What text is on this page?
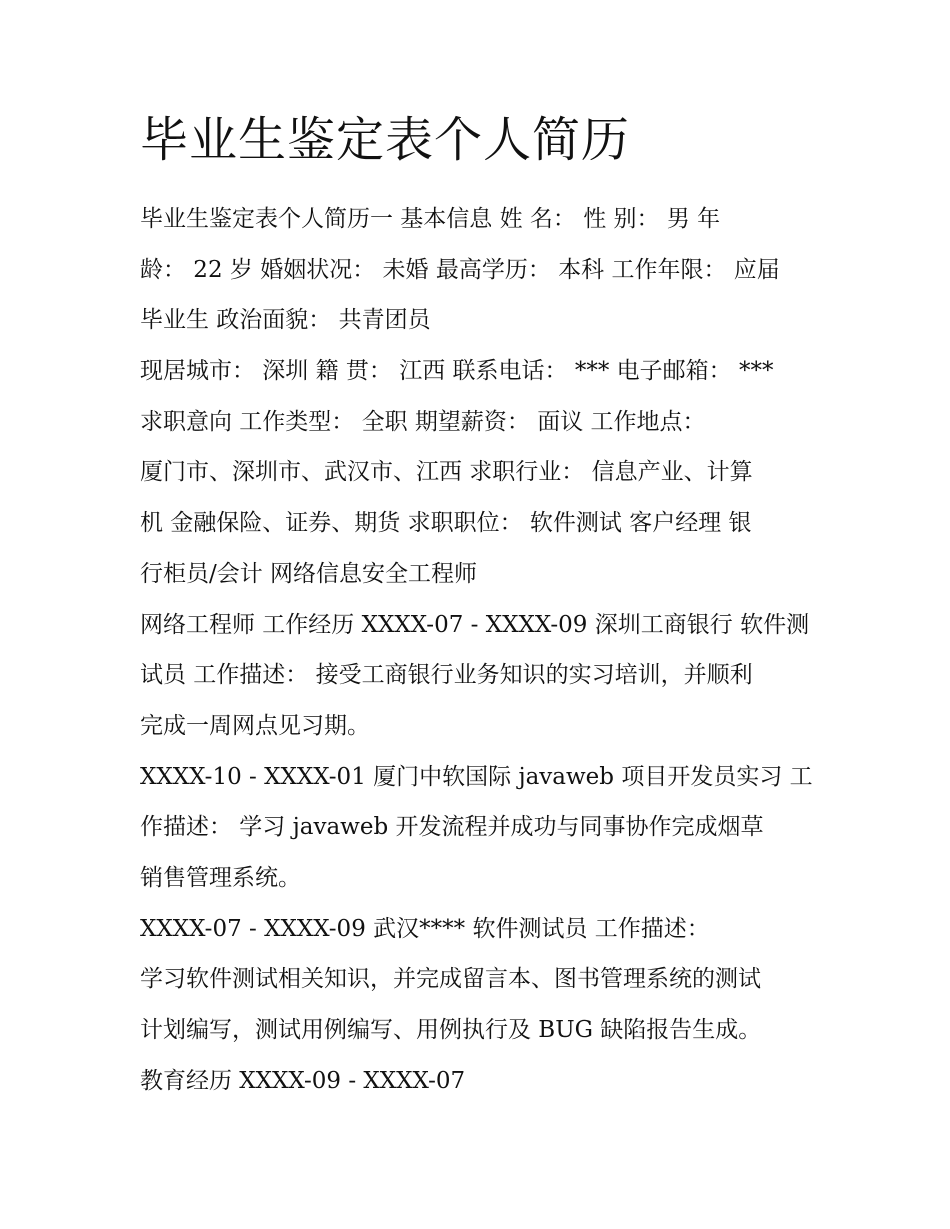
毕业生鉴定表个人简历

毕业生鉴定表个人简历一 基本信息 姓 名： 性 别： 男 年

龄： 22 岁 婚姻状况： 未婚 最高学历： 本科 工作年限： 应届

毕业生 政治面貌： 共青团员

现居城市： 深圳 籍 贯： 江西 联系电话： *** 电子邮箱： ***

求职意向 工作类型： 全职 期望薪资： 面议 工作地点：

厦门市、深圳市、武汉市、江西 求职行业： 信息产业、计算

机 金融保险、证券、期货 求职职位： 软件测试 客户经理 银

行柜员/会计 网络信息安全工程师

网络工程师 工作经历 XXXX-07 - XXXX-09 深圳工商银行 软件测

试员 工作描述： 接受工商银行业务知识的实习培训，并顺利

完成一周网点见习期。

XXXX-10 - XXXX-01 厦门中软国际 javaweb 项目开发员实习 工

作描述： 学习 javaweb 开发流程并成功与同事协作完成烟草

销售管理系统。

XXXX-07 - XXXX-09 武汉**** 软件测试员 工作描述：

学习软件测试相关知识，并完成留言本、图书管理系统的测试

计划编写，测试用例编写、用例执行及 BUG 缺陷报告生成。

教育经历 XXXX-09 - XXXX-07
